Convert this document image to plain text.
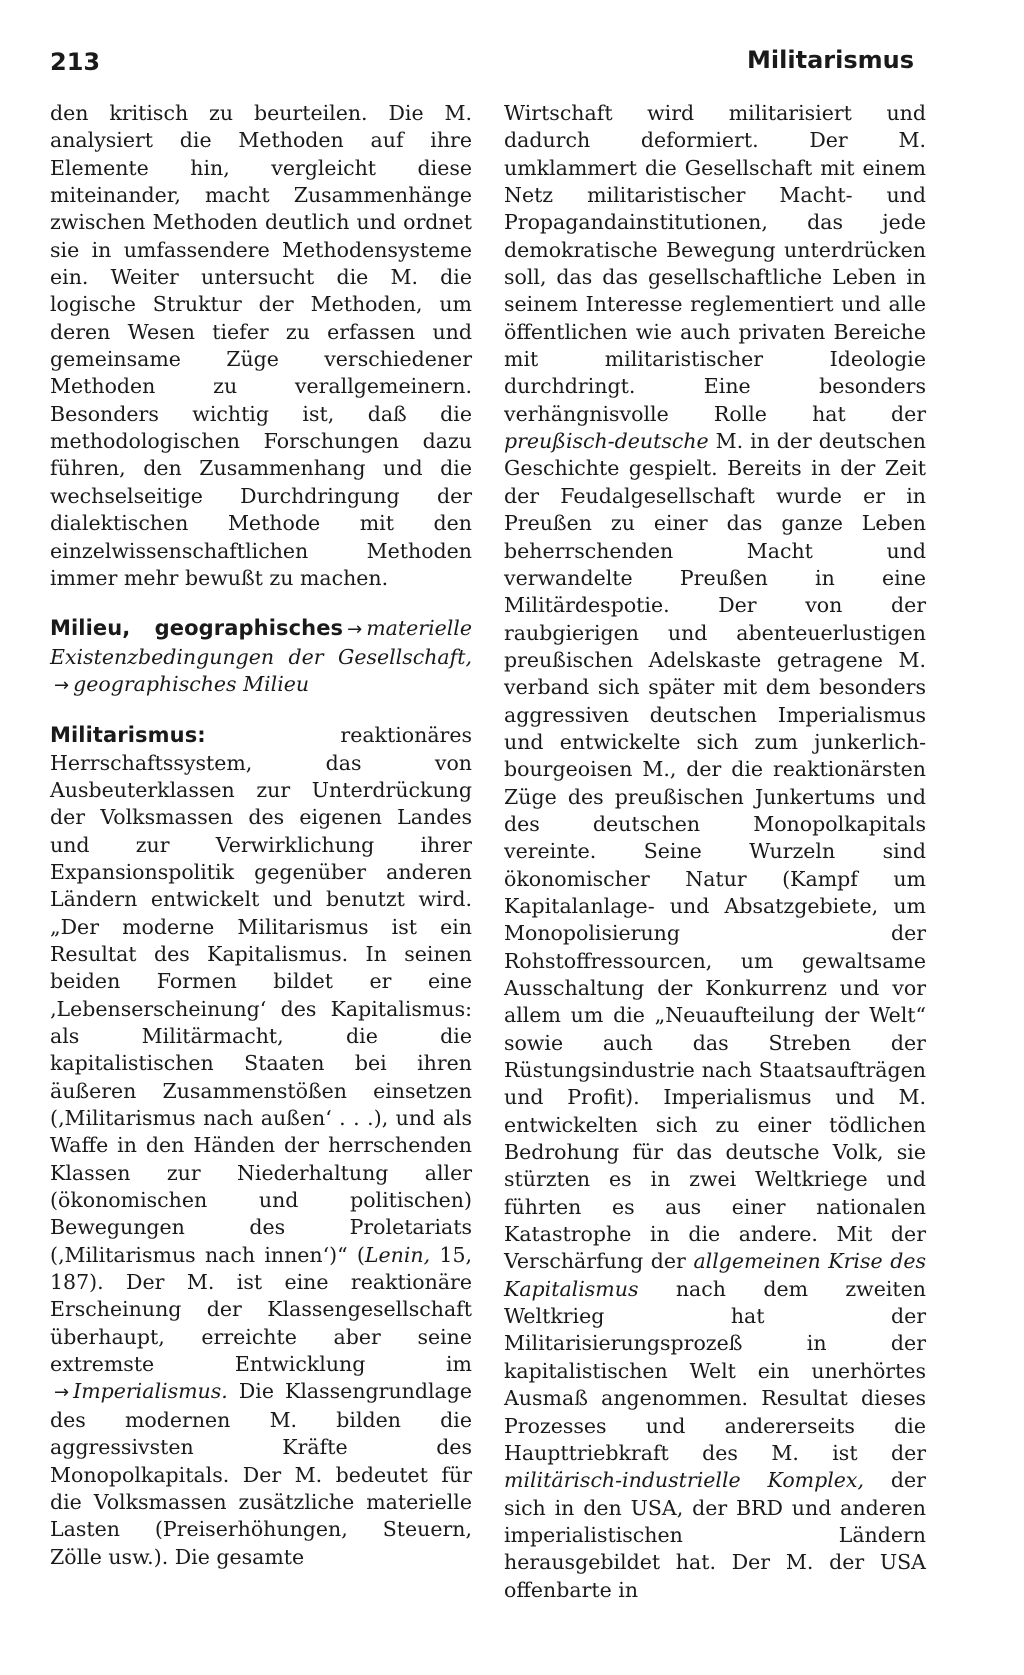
213	Militarismus

den kritisch zu beurteilen. Die M. analysiert die Methoden auf ihre Elemente hin, vergleicht diese miteinander, macht Zusammenhänge zwischen Methoden deutlich und ordnet sie in umfassendere Methodensysteme ein. Weiter untersucht die M. die logische Struktur der Methoden, um deren Wesen tiefer zu erfassen und gemeinsame Züge verschiedener Methoden zu verallgemeinern. Besonders wichtig ist, daß die methodologischen Forschungen dazu führen, den Zusammenhang und die wechselseitige Durchdringung der dialektischen Methode mit den einzelwissenschaftlichen Methoden immer mehr bewußt zu machen.

Milieu, geographisches → materielle Existenzbedingungen der Gesellschaft, → geographisches Milieu

Militarismus:	reaktionäres Herrschaftssystem, das von Ausbeuterklassen zur Unterdrückung der Volksmassen des eigenen Landes und zur Verwirklichung ihrer Expansionspolitik gegenüber anderen Ländern entwickelt und benutzt wird. „Der moderne Militarismus ist ein Resultat des Kapitalismus. In seinen beiden Formen bildet er eine ‚Lebenserscheinung‘ des Kapitalismus: als Militärmacht, die die kapitalistischen Staaten bei ihren äußeren Zusammenstößen einsetzen (‚Militarismus nach außen‘ . . .), und als Waffe in den Händen der herrschenden Klassen zur Niederhaltung aller (ökonomischen und politischen) Bewegungen des Proletariats (‚Militarismus nach innen‘)“ (Lenin, 15, 187). Der M. ist eine reaktionäre Erscheinung der Klassengesellschaft überhaupt, erreichte aber seine extremste Entwicklung im → Imperialismus. Die Klassengrundlage des modernen M. bilden die aggressivsten Kräfte des Monopolkapitals. Der M. bedeutet für die Volksmassen zusätzliche materielle Lasten (Preiserhöhungen, Steuern, Zölle usw.). Die gesamte

Wirtschaft wird militarisiert und dadurch deformiert. Der M. umklammert die Gesellschaft mit einem Netz militaristischer Macht- und Propagandainstitutionen, das jede demokratische Bewegung unterdrücken soll, das das gesellschaftliche Leben in seinem Interesse reglementiert und alle öffentlichen wie auch privaten Bereiche mit militaristischer Ideologie durchdringt. Eine besonders verhängnisvolle Rolle hat der preußisch-deutsche M. in der deutschen Geschichte gespielt. Bereits in der Zeit der Feudalgesellschaft wurde er in Preußen zu einer das ganze Leben beherrschenden Macht und verwandelte Preußen in eine Militärdespotie. Der von der raubgierigen und abenteuerlustigen preußischen Adelskaste getragene M. verband sich später mit dem besonders aggressiven deutschen Imperialismus und entwickelte sich zum junkerlich-bourgeoisen M., der die reaktionärsten Züge des preußischen Junkertums und des deutschen Monopolkapitals vereinte. Seine Wurzeln sind ökonomischer Natur (Kampf um Kapitalanlage- und Absatzgebiete, um Monopolisierung der Rohstoffressourcen, um gewaltsame Ausschaltung der Konkurrenz und vor allem um die „Neuaufteilung der Welt“ sowie auch das Streben der Rüstungsindustrie nach Staatsaufträgen und Profit). Imperialismus und M. entwickelten sich zu einer tödlichen Bedrohung für das deutsche Volk, sie stürzten es in zwei Weltkriege und führten es aus einer nationalen Katastrophe in die andere. Mit der Verschärfung der allgemeinen Krise des Kapitalismus nach dem zweiten Weltkrieg hat der Militarisierungsprozeß in der kapitalistischen Welt ein unerhörtes Ausmaß angenommen. Resultat dieses Prozesses und andererseits die Haupttriebkraft des M. ist der militärisch-industrielle Komplex, der sich in den USA, der BRD und anderen imperialistischen Ländern herausgebildet hat. Der M. der USA offenbarte in
